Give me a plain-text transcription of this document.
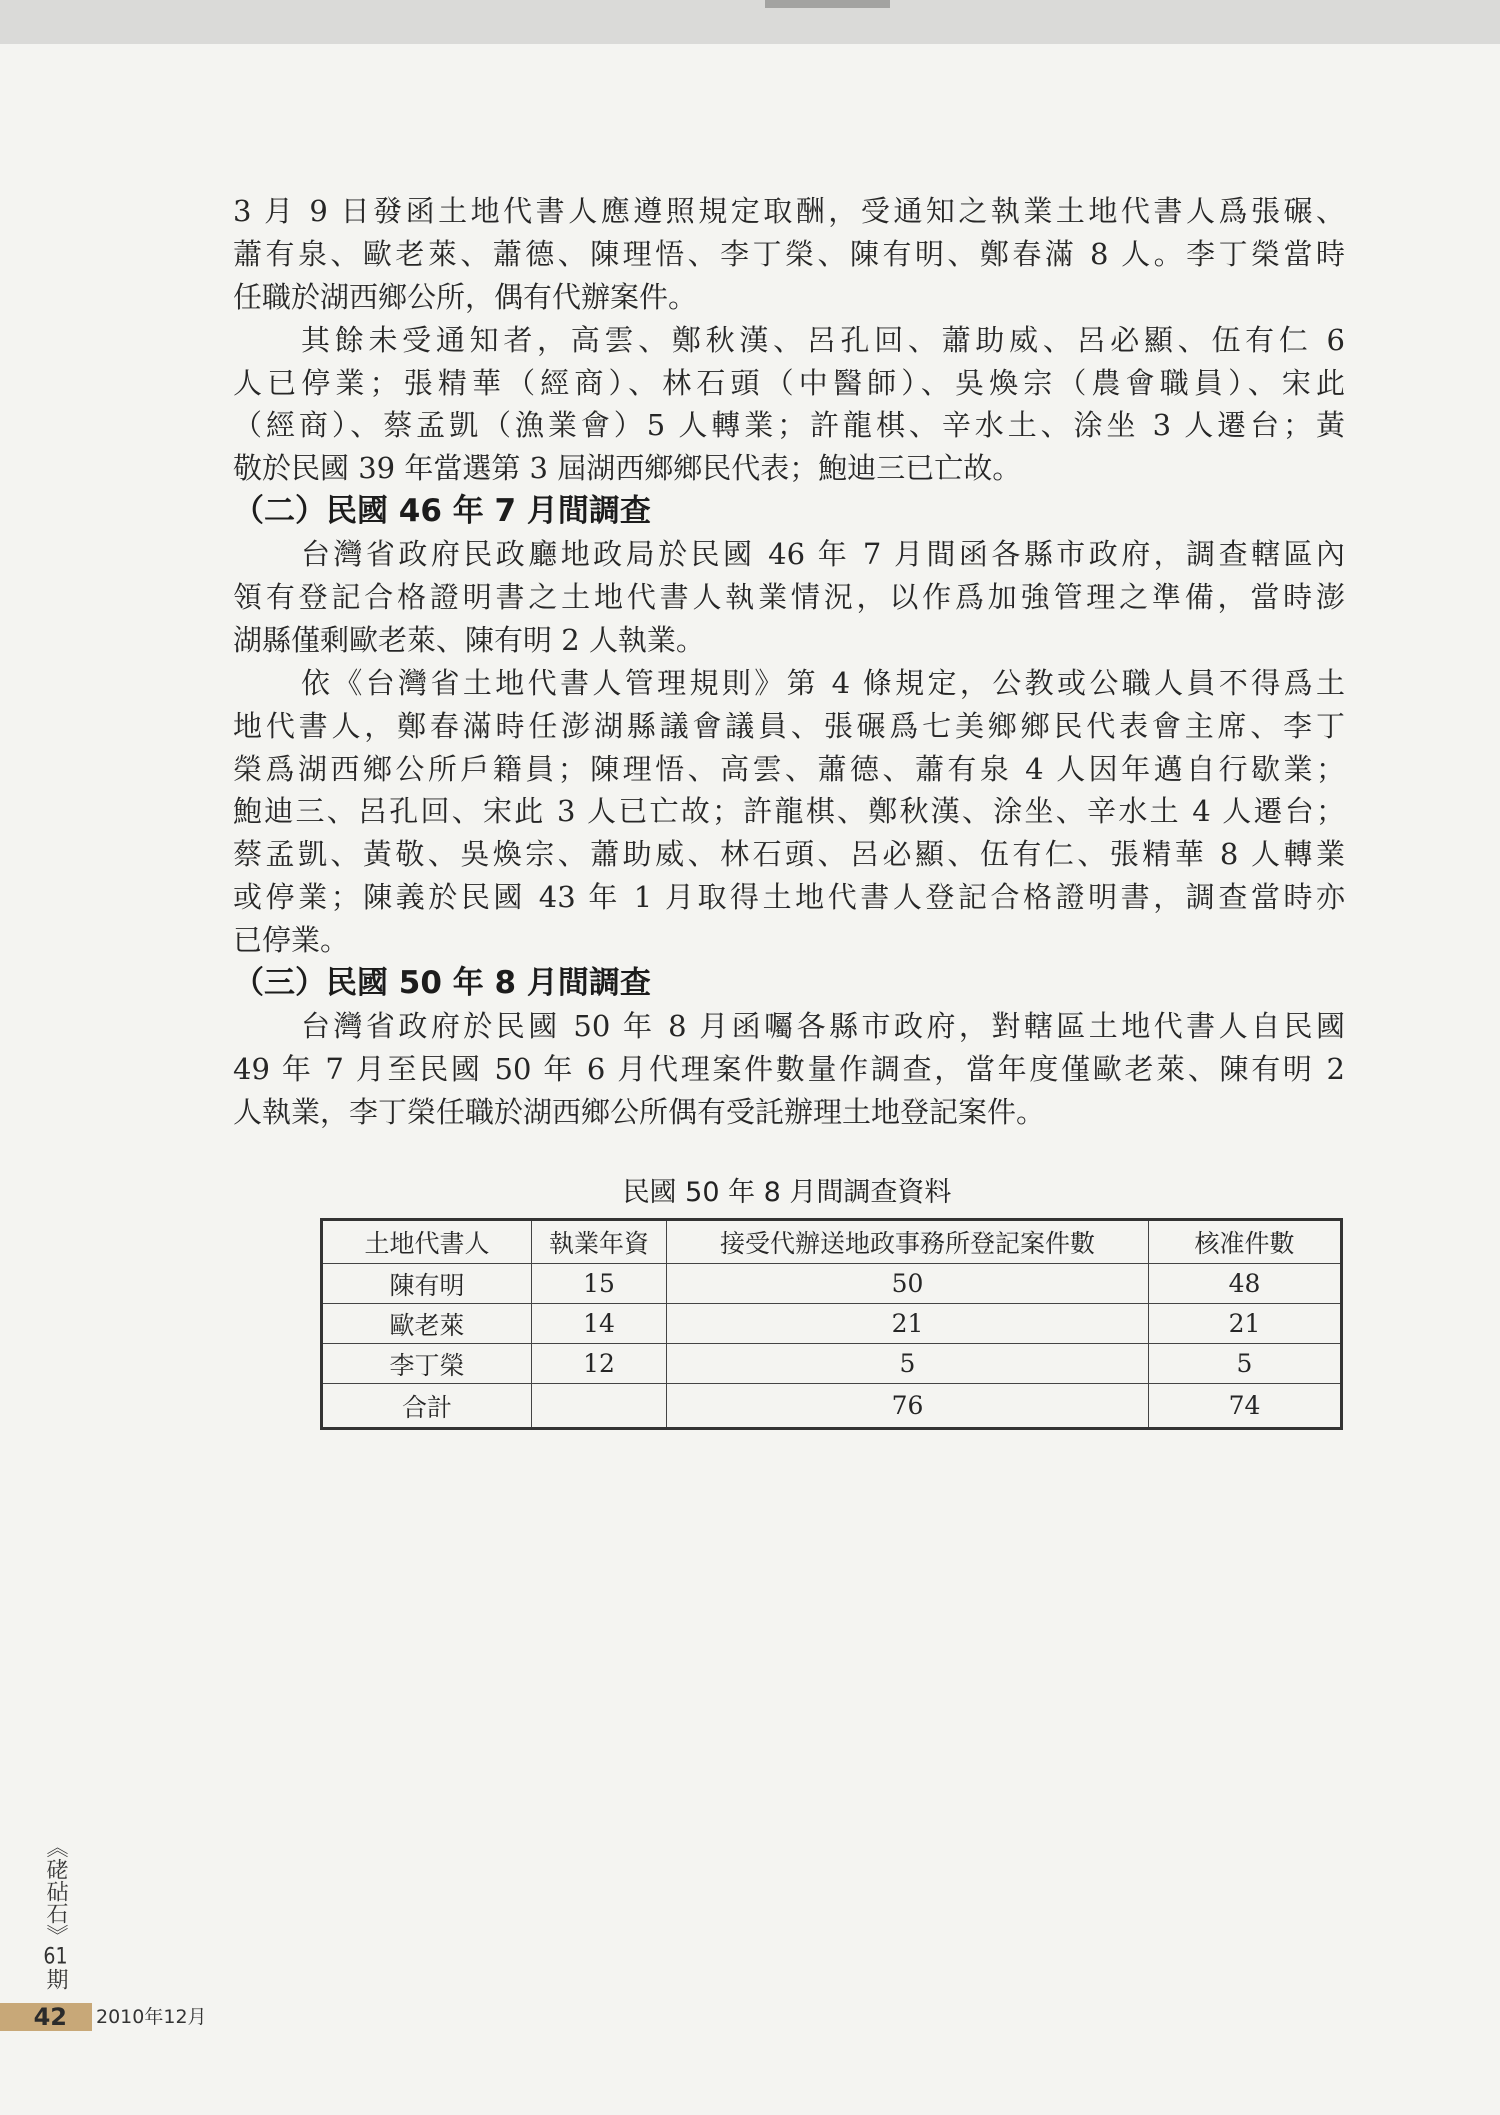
3 月 9 日發函土地代書人應遵照規定取酬，受通知之執業土地代書人爲張碾、
蕭有泉、歐老萊、蕭德、陳理悟、李丁榮、陳有明、鄭春滿 8 人。李丁榮當時
任職於湖西鄉公所，偶有代辦案件。
其餘未受通知者，高雲、鄭秋漢、呂孔回、蕭助威、呂必顯、伍有仁 6
人已停業；張精華（經商）、林石頭（中醫師）、吳煥宗（農會職員）、宋此
（經商）、蔡孟凱（漁業會）5 人轉業；許龍棋、辛水土、涂坐 3 人遷台；黃
敬於民國 39 年當選第 3 屆湖西鄉鄉民代表；鮑迪三已亡故。
（二）民國 46 年 7 月間調查
台灣省政府民政廳地政局於民國 46 年 7 月間函各縣市政府，調查轄區內
領有登記合格證明書之土地代書人執業情況，以作爲加強管理之準備，當時澎
湖縣僅剩歐老萊、陳有明 2 人執業。
依《台灣省土地代書人管理規則》第 4 條規定，公教或公職人員不得爲土
地代書人，鄭春滿時任澎湖縣議會議員、張碾爲七美鄉鄉民代表會主席、李丁
榮爲湖西鄉公所戶籍員；陳理悟、高雲、蕭德、蕭有泉 4 人因年邁自行歇業；
鮑迪三、呂孔回、宋此 3 人已亡故；許龍棋、鄭秋漢、涂坐、辛水土 4 人遷台；
蔡孟凱、黃敬、吳煥宗、蕭助威、林石頭、呂必顯、伍有仁、張精華 8 人轉業
或停業；陳義於民國 43 年 1 月取得土地代書人登記合格證明書，調查當時亦
已停業。
（三）民國 50 年 8 月間調查
台灣省政府於民國 50 年 8 月函囑各縣市政府，對轄區土地代書人自民國
49 年 7 月至民國 50 年 6 月代理案件數量作調查，當年度僅歐老萊、陳有明 2
人執業，李丁榮任職於湖西鄉公所偶有受託辦理土地登記案件。
民國 50 年 8 月間調查資料
土地代書人	執業年資	接受代辦送地政事務所登記案件數	核准件數
陳有明	15	50	48
歐老萊	14	21	21
李丁榮	12	5	5
合計		76	74
《硓砧石》61期
42	2010年12月
